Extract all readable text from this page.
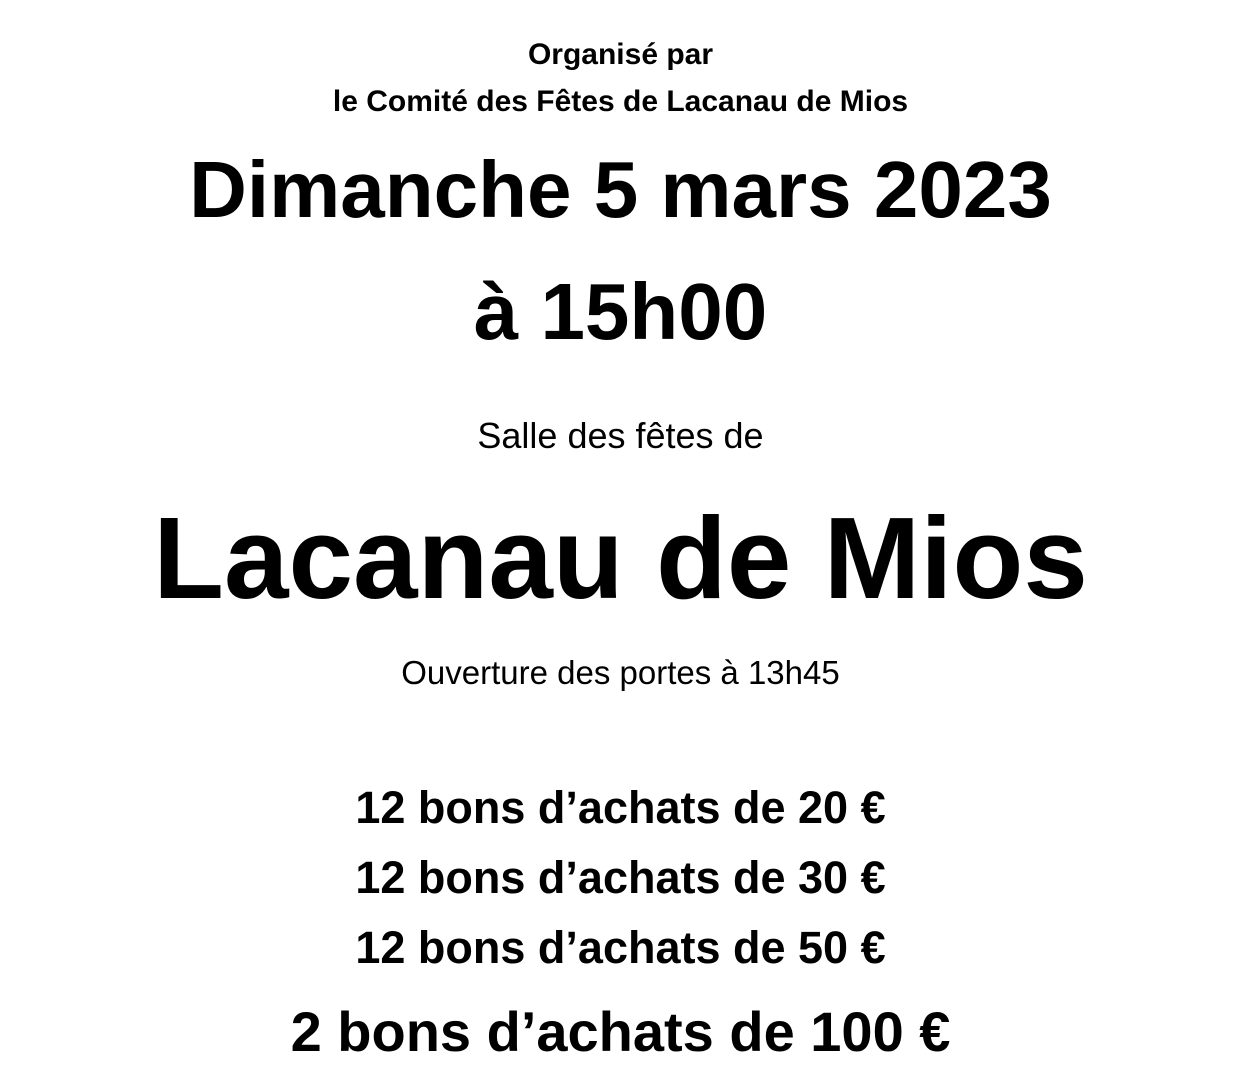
Organisé par
le Comité des Fêtes de Lacanau de Mios
Dimanche 5 mars 2023
à 15h00
Salle des fêtes de
Lacanau de Mios
Ouverture des portes à 13h45
12 bons d’achats de 20 €
12 bons d’achats de 30 €
12 bons d’achats de 50 €
2 bons d’achats de 100 €
